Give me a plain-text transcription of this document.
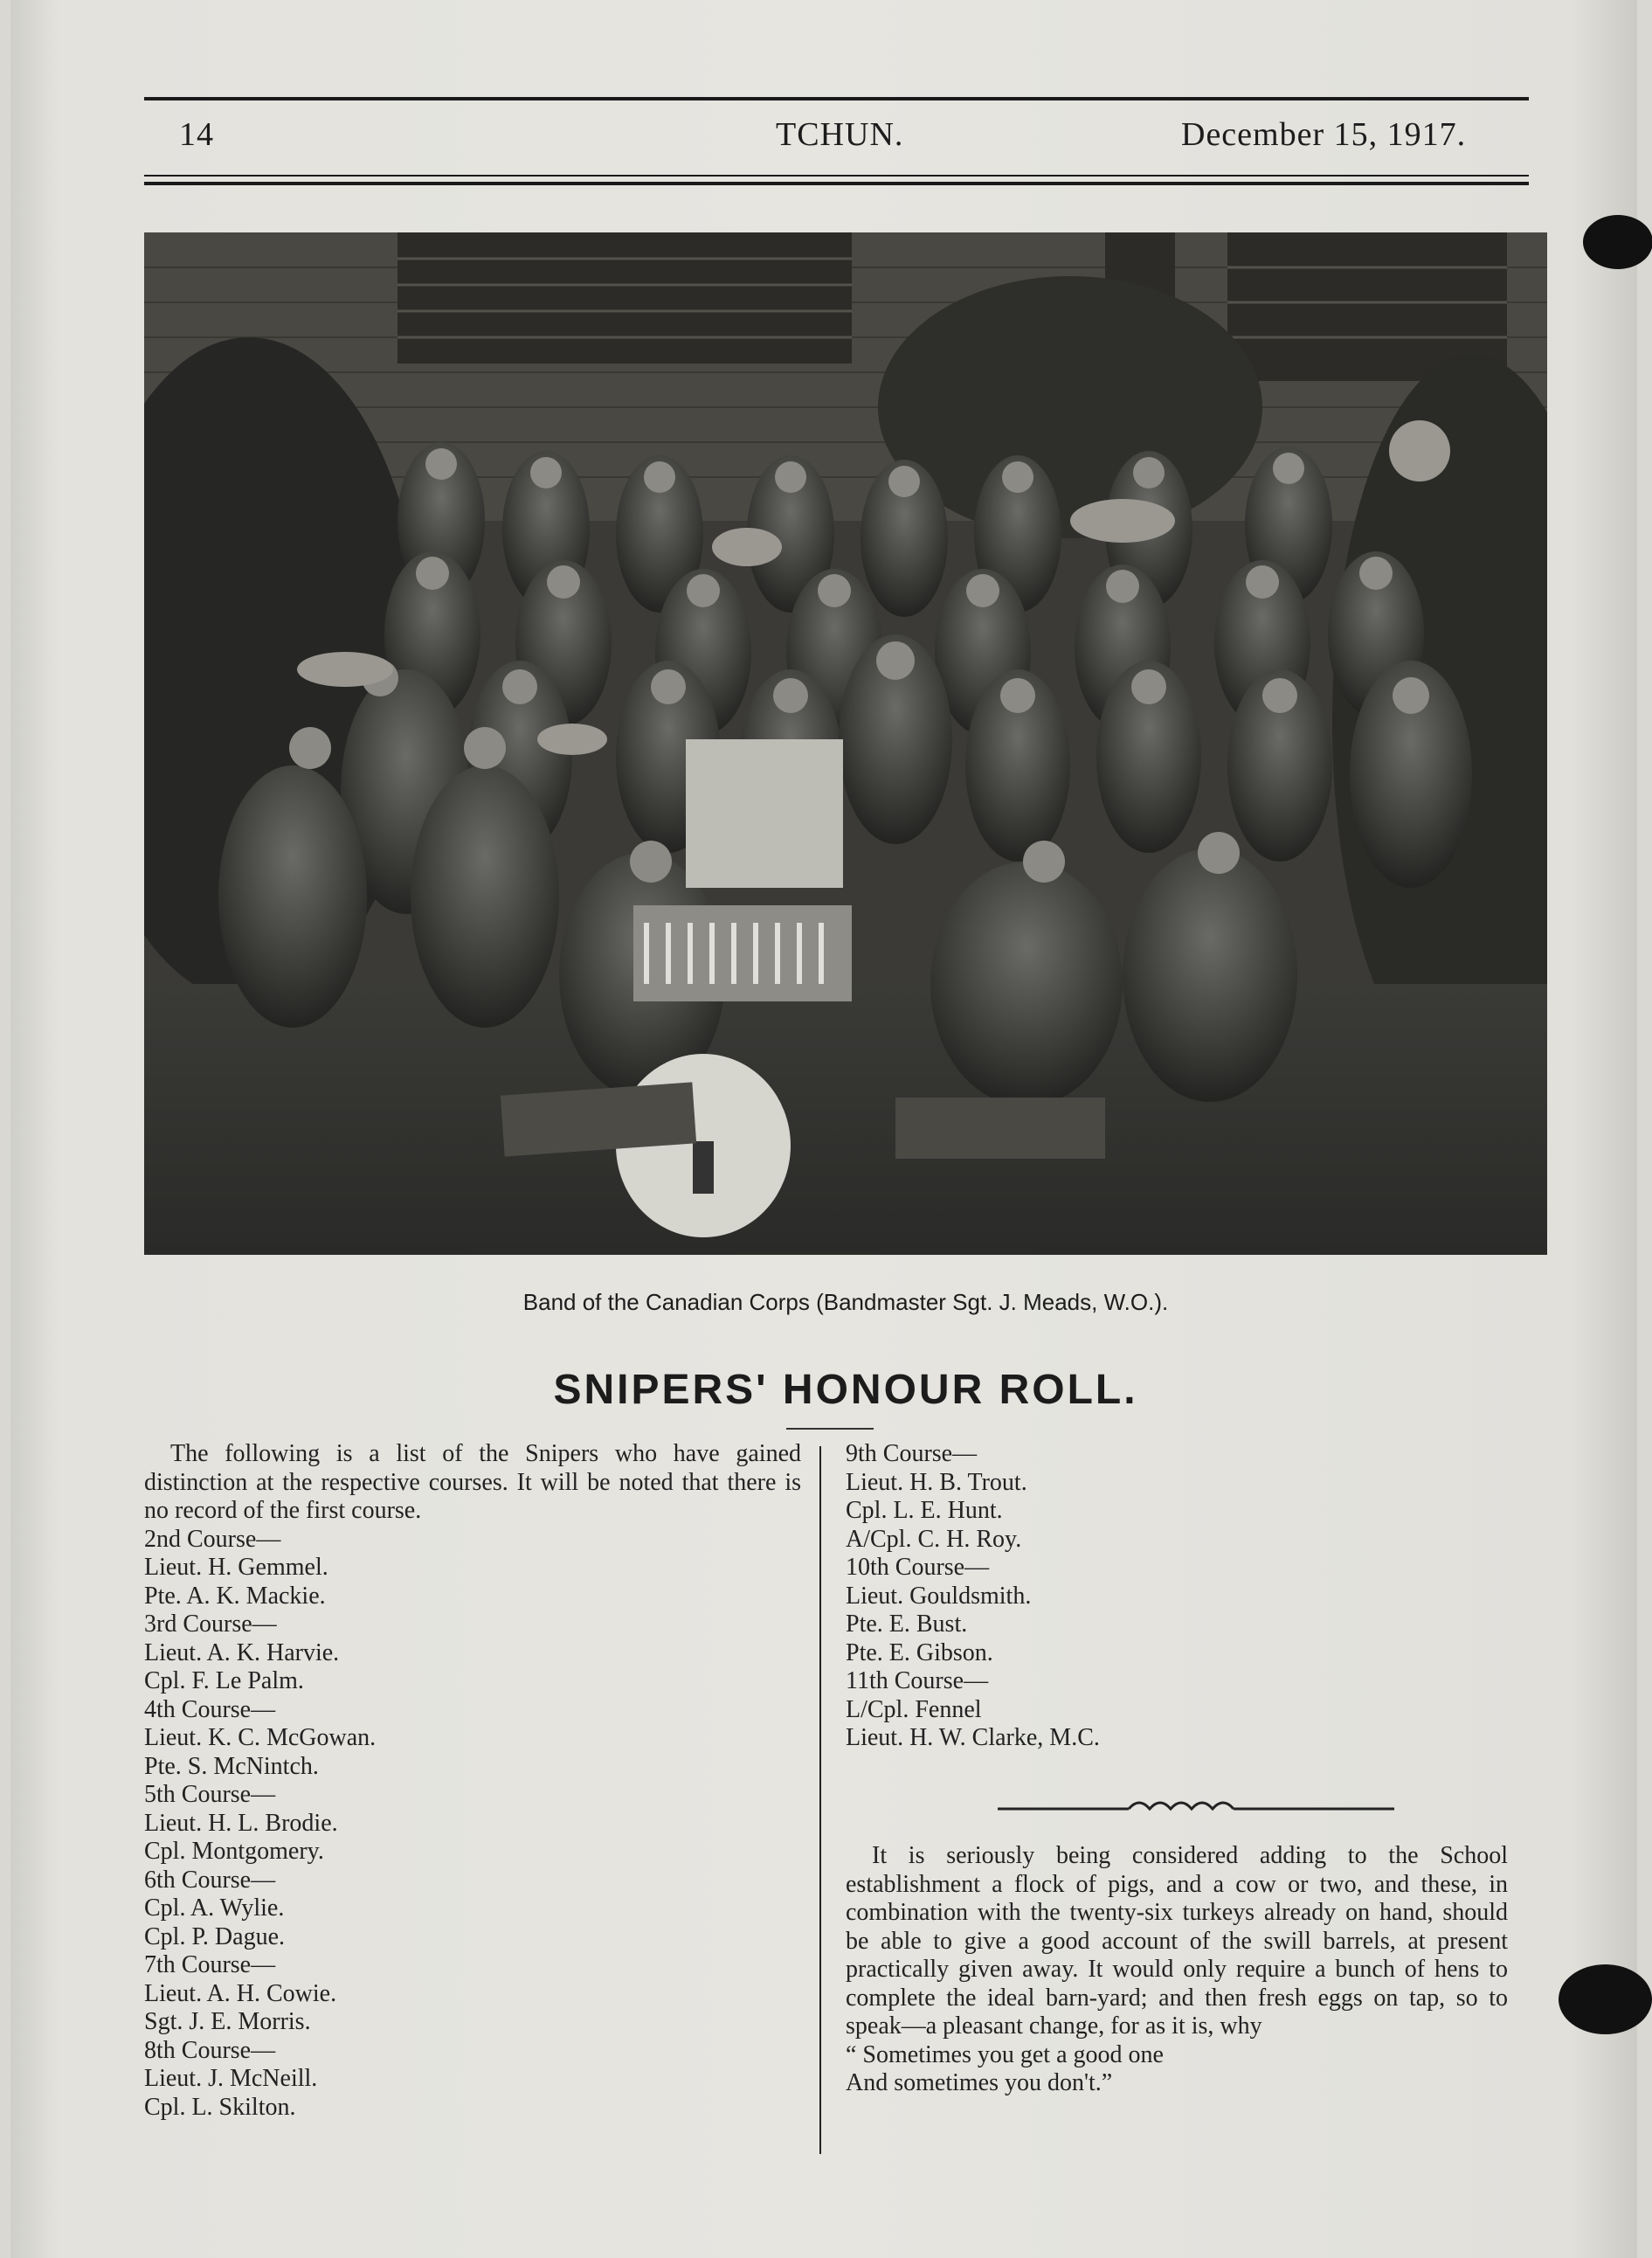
14	TCHUN.	December 15, 1917.
Band of the Canadian Corps (Bandmaster Sgt. J. Meads, W.O.).
SNIPERS' HONOUR ROLL.

The following is a list of the Snipers who have gained distinction at the respective courses. It will be noted that there is no record of the first course.

2nd Course—

Lieut. H. Gemmel.

Pte. A. K. Mackie.

3rd Course—

Lieut. A. K. Harvie.

Cpl. F. Le Palm.

4th Course—

Lieut. K. C. McGowan.

Pte. S. McNintch.

5th Course—

Lieut. H. L. Brodie.

Cpl. Montgomery.

6th Course—

Cpl. A. Wylie.

Cpl. P. Dague.

7th Course—

Lieut. A. H. Cowie.

Sgt. J. E. Morris.

8th Course—

Lieut. J. McNeill.

Cpl. L. Skilton.

9th Course—

Lieut. H. B. Trout.

Cpl. L. E. Hunt.

A/Cpl. C. H. Roy.

10th Course—

Lieut. Gouldsmith.

Pte. E. Bust.

Pte. E. Gibson.

11th Course—

L/Cpl. Fennel

Lieut. H. W. Clarke, M.C.

It is seriously being considered adding to the School establishment a flock of pigs, and a cow or two, and these, in combination with the twenty-six turkeys already on hand, should be able to give a good account of the swill barrels, at present practically given away. It would only require a bunch of hens to complete the ideal barn-yard; and then fresh eggs on tap, so to speak—a pleasant change, for as it is, why

“ Sometimes you get a good one

And sometimes you don't.”
